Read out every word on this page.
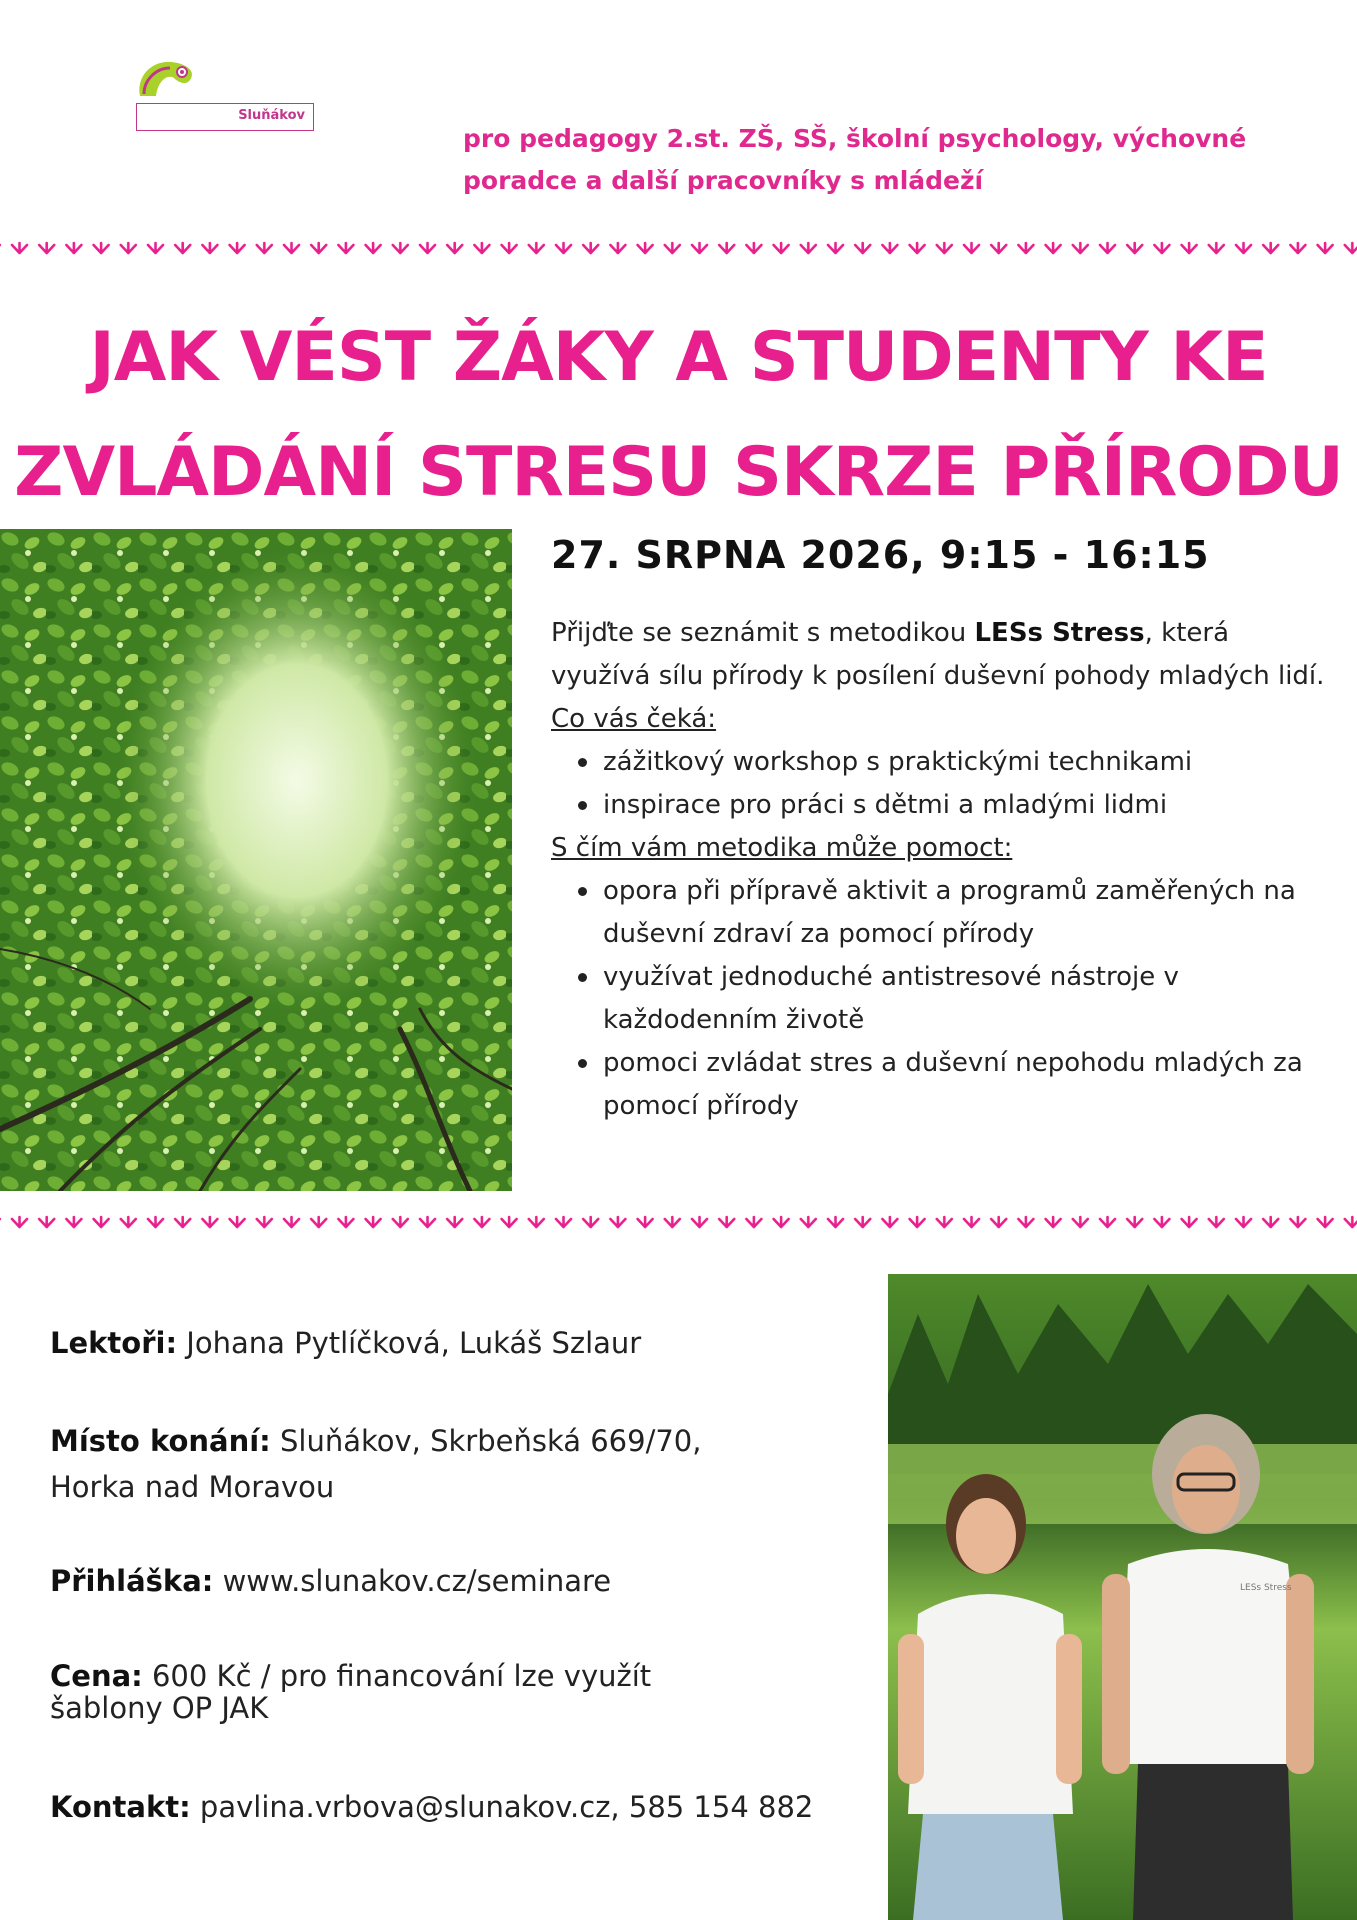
Sluňákov
pro pedagogy 2.st. ZŠ, SŠ, školní psychology, výchovné
poradce a další pracovníky s mládeží
JAK VÉST ŽÁKY A STUDENTY KE
ZVLÁDÁNÍ STRESU SKRZE PŘÍRODU
27. SRPNA 2026, 9:15 - 16:15
Přijďte se seznámit s metodikou LESs Stress, která využívá sílu přírody k posílení duševní pohody mladých lidí.
Co vás čeká:
zážitkový workshop s praktickými technikami
inspirace pro práci s dětmi a mladými lidmi
S čím vám metodika může pomoct:
opora při přípravě aktivit a programů zaměřených na duševní zdraví za pomocí přírody
využívat jednoduché antistresové nástroje v každodenním životě
pomoci zvládat stres a duševní nepohodu mladých za pomocí přírody
Lektoři: Johana Pytlíčková, Lukáš Szlaur
Místo konání: Sluňákov, Skrbeňská 669/70,
Horka nad Moravou
Přihláška: www.slunakov.cz/seminare
Cena: 600 Kč / pro financování lze využít
šablony OP JAK
Kontakt: pavlina.vrbova@slunakov.cz, 585 154 882
LESs Stress
